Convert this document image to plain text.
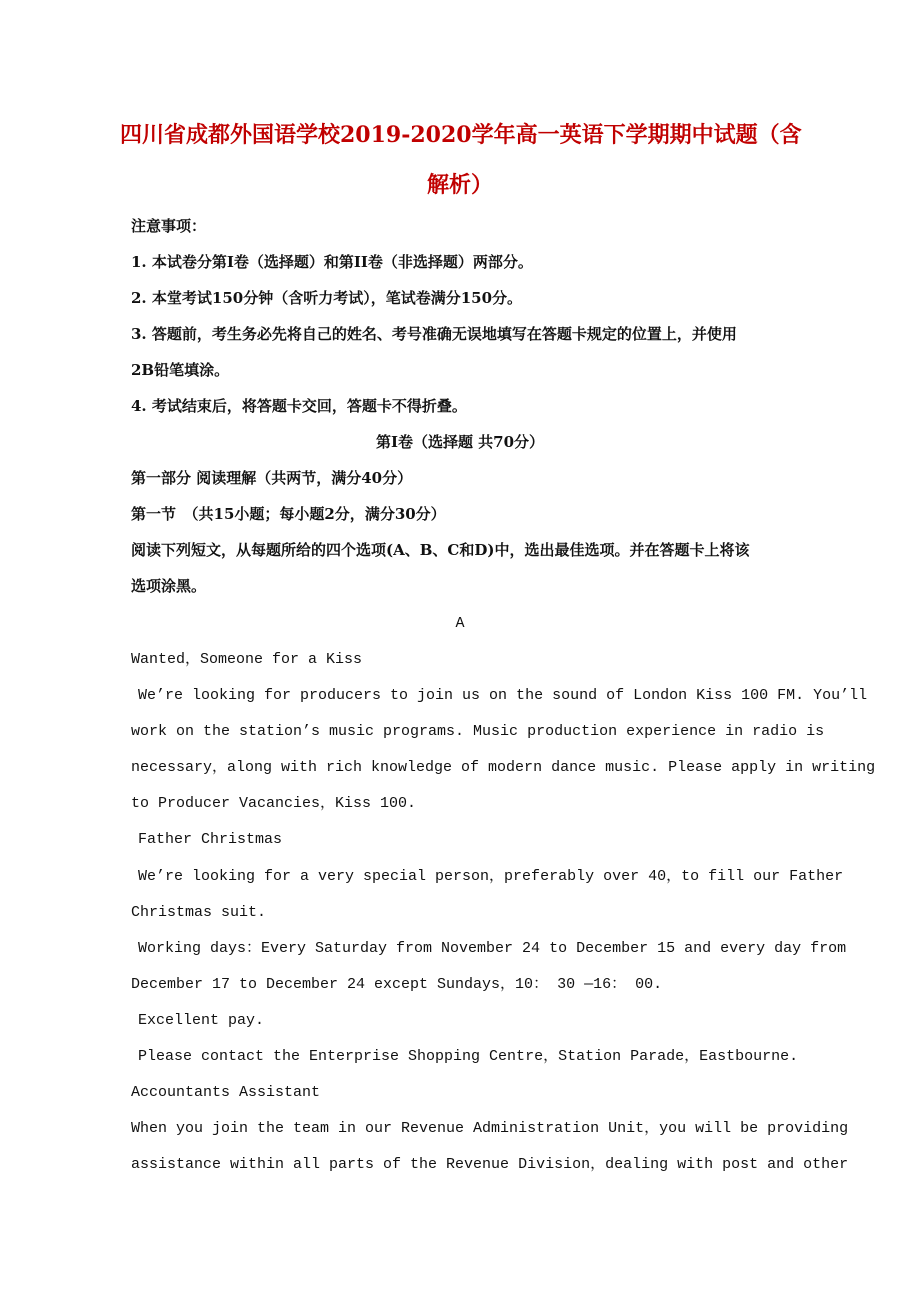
四川省成都外国语学校2019-2020学年高一英语下学期期中试题（含
解析）
注意事项：
1. 本试卷分第Ⅰ卷（选择题）和第II卷（非选择题）两部分。
2. 本堂考试150分钟（含听力考试），笔试卷满分150分。
3. 答题前，考生务必先将自己的姓名、考号准确无误地填写在答题卡规定的位置上，并使用
2B铅笔填涂。
4. 考试结束后，将答题卡交回，答题卡不得折叠。
第Ⅰ卷（选择题 共70分）
第一部分 阅读理解（共两节，满分40分）
第一节　（共15小题；每小题2分，满分30分）
阅读下列短文，从每题所给的四个选项(A、B、C和D)中，选出最佳选项。并在答题卡上将该
选项涂黑。
A
Wanted，Someone for a Kiss
We’re looking for producers to join us on the sound of London Kiss 100 FM. You’ll
work on the station’s music programs. Music production experience in radio is
necessary，along with rich knowledge of modern dance music. Please apply in writing
to Producer Vacancies，Kiss 100.
Father Christmas
We’re looking for a very special person，preferably over 40，to fill our Father
Christmas suit.
Working days：Every Saturday from November 24 to December 15 and every day from
December 17 to December 24 except Sundays，10： 30 —16： 00.
Excellent pay.
Please contact the Enterprise Shopping Centre，Station Parade，Eastbourne.
Accountants Assistant
When you join the team in our Revenue Administration Unit，you will be providing
assistance within all parts of the Revenue Division，dealing with post and other
